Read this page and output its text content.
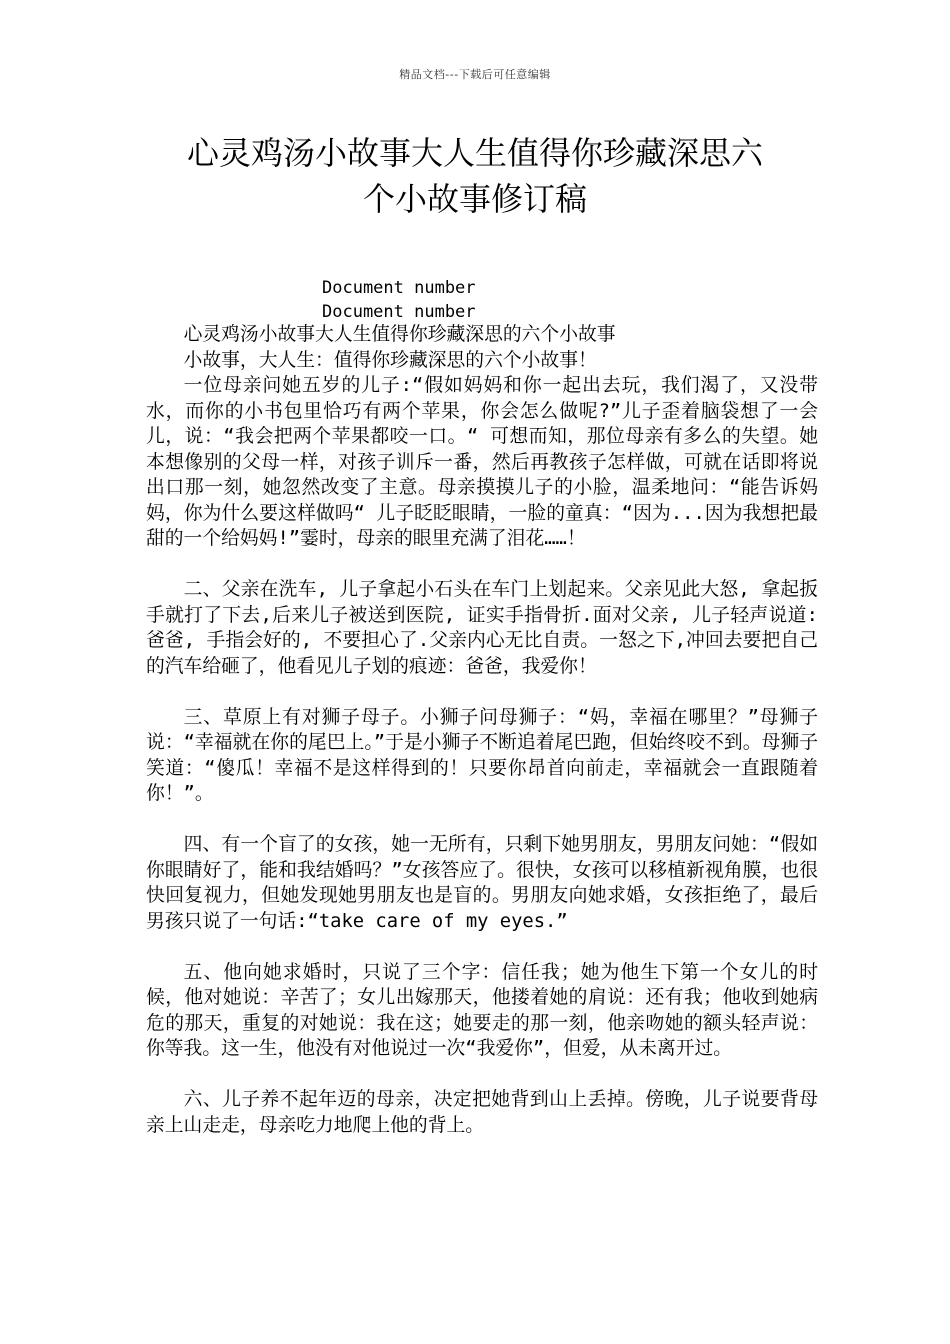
精品文档---下载后可任意编辑
心灵鸡汤小故事大人生值得你珍藏深思六
个小故事修订稿
Document number
Document number

心灵鸡汤小故事大人生值得你珍藏深思的六个小故事

小故事，大人生：值得你珍藏深思的六个小故事！

一位母亲问她五岁的儿子:“假如妈妈和你一起出去玩，我们渴了，又没带水，而你的小书包里恰巧有两个苹果，你会怎么做呢?”儿子歪着脑袋想了一会儿，说：“我会把两个苹果都咬一口。“ 可想而知，那位母亲有多么的失望。她本想像别的父母一样，对孩子训斥一番，然后再教孩子怎样做，可就在话即将说出口那一刻，她忽然改变了主意。母亲摸摸儿子的小脸，温柔地问：“能告诉妈妈，你为什么要这样做吗“ 儿子眨眨眼睛，一脸的童真：“因为...因为我想把最甜的一个给妈妈!”霎时，母亲的眼里充满了泪花……！

二、父亲在洗车, 儿子拿起小石头在车门上划起来。父亲见此大怒, 拿起扳手就打了下去,后来儿子被送到医院, 证实手指骨折.面对父亲, 儿子轻声说道: 爸爸, 手指会好的, 不要担心了.父亲内心无比自责。一怒之下,冲回去要把自己的汽车给砸了，他看见儿子划的痕迹：爸爸，我爱你！

三、草原上有对狮子母子。小狮子问母狮子：“妈，幸福在哪里？”母狮子说：“幸福就在你的尾巴上。”于是小狮子不断追着尾巴跑，但始终咬不到。母狮子笑道：“傻瓜！幸福不是这样得到的！只要你昂首向前走，幸福就会一直跟随着你！”。

四、有一个盲了的女孩，她一无所有，只剩下她男朋友，男朋友问她：“假如你眼睛好了，能和我结婚吗？”女孩答应了。很快，女孩可以移植新视角膜，也很快回复视力，但她发现她男朋友也是盲的。男朋友向她求婚，女孩拒绝了，最后男孩只说了一句话:“take care of my eyes.”

五、他向她求婚时，只说了三个字：信任我；她为他生下第一个女儿的时候，他对她说：辛苦了；女儿出嫁那天，他搂着她的肩说：还有我；他收到她病危的那天，重复的对她说：我在这；她要走的那一刻，他亲吻她的额头轻声说：你等我。这一生，他没有对他说过一次“我爱你”，但爱，从未离开过。

六、儿子养不起年迈的母亲，决定把她背到山上丢掉。傍晚，儿子说要背母亲上山走走，母亲吃力地爬上他的背上。
